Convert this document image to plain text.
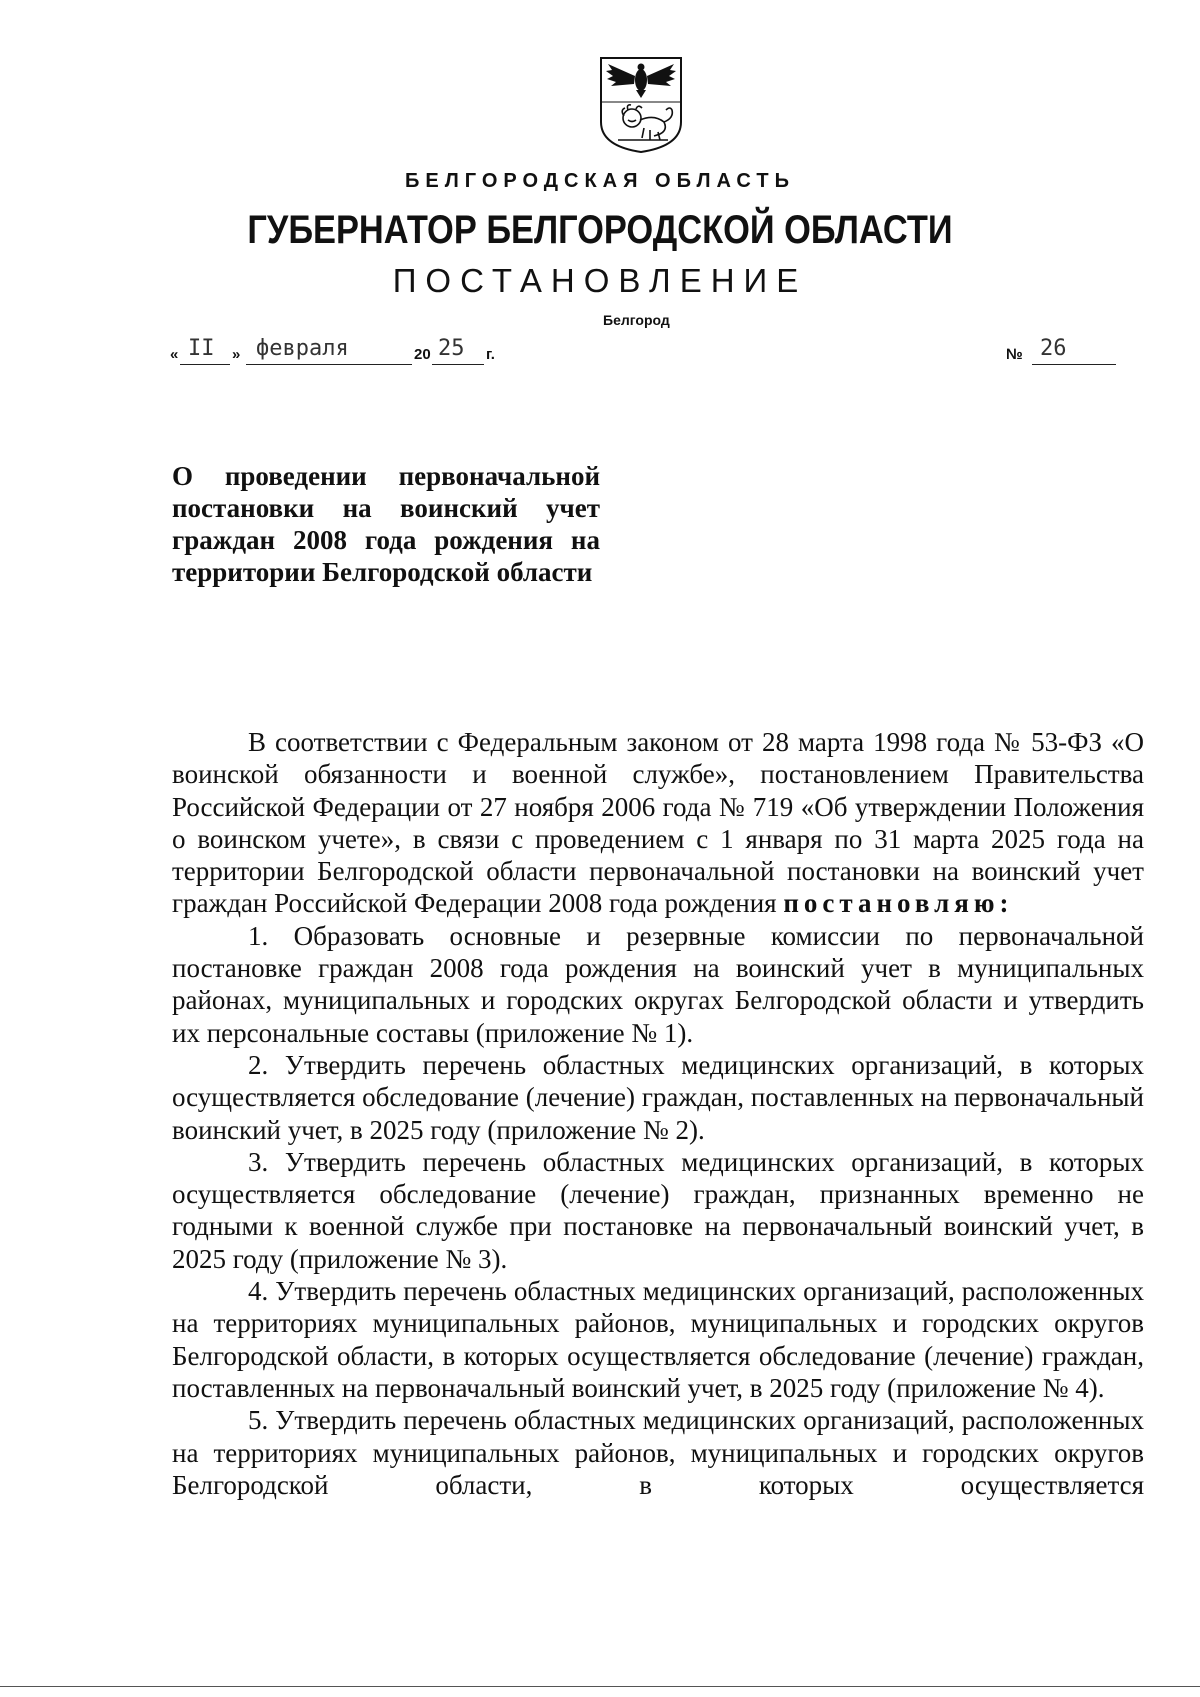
БЕЛГОРОДСКАЯ ОБЛАСТЬ
ГУБЕРНАТОР БЕЛГОРОДСКОЙ ОБЛАСТИ
ПОСТАНОВЛЕНИЕ
Белгород
« II » февраля	20 25 г.	№ 26
О проведении первоначальной постановки на воинский учет граждан 2008 года рождения на территории Белгородской области

В соответствии с Федеральным законом от 28 марта 1998 года № 53-ФЗ «О воинской обязанности и военной службе», постановлением Правительства Российской Федерации от 27 ноября 2006 года № 719 «Об утверждении Положения о воинском учете», в связи с проведением с 1 января по 31 марта 2025 года на территории Белгородской области первоначальной постановки на воинский учет граждан Российской Федерации 2008 года рождения постановляю:

1. Образовать основные и резервные комиссии по первоначальной постановке граждан 2008 года рождения на воинский учет в муниципальных районах, муниципальных и городских округах Белгородской области и утвердить их персональные составы (приложение № 1).

2. Утвердить перечень областных медицинских организаций, в которых осуществляется обследование (лечение) граждан, поставленных на первоначальный воинский учет, в 2025 году (приложение № 2).

3. Утвердить перечень областных медицинских организаций, в которых осуществляется обследование (лечение) граждан, признанных временно не годными к военной службе при постановке на первоначальный воинский учет, в 2025 году (приложение № 3).

4. Утвердить перечень областных медицинских организаций, расположенных на территориях муниципальных районов, муниципальных и городских округов Белгородской области, в которых осуществляется обследование (лечение) граждан, поставленных на первоначальный воинский учет, в 2025 году (приложение № 4).

5. Утвердить перечень областных медицинских организаций, расположенных на территориях муниципальных районов, муниципальных и городских округов Белгородской области, в которых осуществляется
